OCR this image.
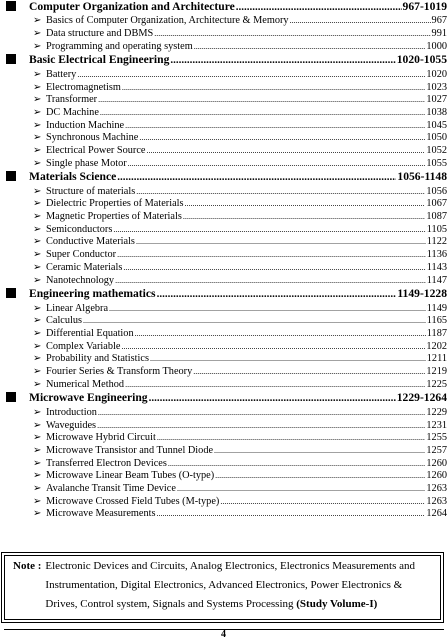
Computer Organization and Architecture .....	967-1019
➢ Basics of Computer Organization, Architecture & Memory .....	967
➢ Data structure and DBMS .....	991
➢ Programming and operating system .....	1000
Basic Electrical Engineering .....	1020-1055
➢ Battery .....	1020
➢ Electromagnetism .....	1023
➢ Transformer .....	1027
➢ DC Machine .....	1038
➢ Induction Machine .....	1045
➢ Synchronous Machine .....	1050
➢ Electrical Power Source .....	1052
➢ Single phase Motor .....	1055
Materials Science .....	1056-1148
➢ Structure of materials .....	1056
➢ Dielectric Properties of Materials .....	1067
➢ Magnetic Properties of Materials .....	1087
➢ Semiconductors .....	1105
➢ Conductive Materials .....	1122
➢ Super Conductor .....	1136
➢ Ceramic Materials .....	1143
➢ Nanotechnology .....	1147
Engineering mathematics .....	1149-1228
➢ Linear Algebra .....	1149
➢ Calculus .....	1165
➢ Differential Equation .....	1187
➢ Complex Variable .....	1202
➢ Probability and Statistics .....	1211
➢ Fourier Series & Transform Theory .....	1219
➢ Numerical Method .....	1225
Microwave Engineering .....	1229-1264
➢ Introduction .....	1229
➢ Waveguides .....	1231
➢ Microwave Hybrid Circuit .....	1255
➢ Microwave Transistor and Tunnel Diode .....	1257
➢ Transferred Electron Devices .....	1260
➢ Microwave Linear Beam Tubes (O-type) .....	1260
➢ Avalanche Transit Time Device .....	1263
➢ Microwave Crossed Field Tubes (M-type) .....	1263
➢ Microwave Measurements .....	1264
Note : Electronic Devices and Circuits, Analog Electronics, Electronics Measurements and Instrumentation, Digital Electronics, Advanced Electronics, Power Electronics & Drives, Control system, Signals and Systems Processing (Study Volume-I)
4
